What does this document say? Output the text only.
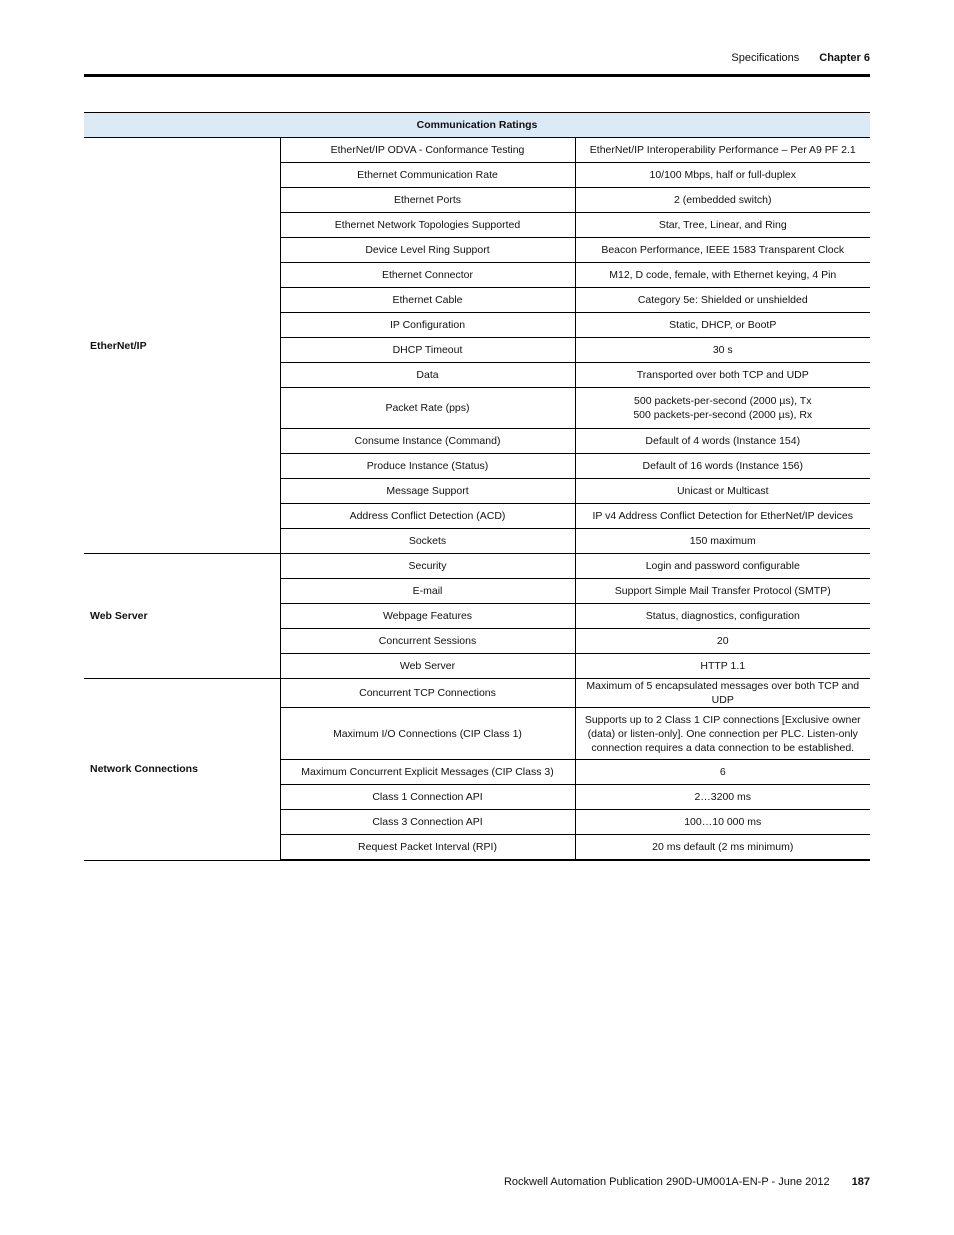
Specifications Chapter 6
Communication Ratings		
EtherNet/IP	EtherNet/IP ODVA - Conformance Testing	EtherNet/IP Interoperability Performance – Per A9 PF 2.1
	Ethernet Communication Rate	10/100 Mbps, half or full-duplex
	Ethernet Ports	2 (embedded switch)
	Ethernet Network Topologies Supported	Star, Tree, Linear, and Ring
	Device Level Ring Support	Beacon Performance, IEEE 1583 Transparent Clock
	Ethernet Connector	M12, D code, female, with Ethernet keying, 4 Pin
	Ethernet Cable	Category 5e: Shielded or unshielded
	IP Configuration	Static, DHCP, or BootP
	DHCP Timeout	30 s
	Data	Transported over both TCP and UDP
	Packet Rate (pps)	500 packets-per-second (2000 µs), Tx
500 packets-per-second (2000 µs), Rx

	Consume Instance (Command)	Default of 4 words (Instance 154)
	Produce Instance (Status)	Default of 16 words (Instance 156)
	Message Support	Unicast or Multicast
	Address Conflict Detection (ACD)	IP v4 Address Conflict Detection for EtherNet/IP devices
	Sockets	150 maximum
Web Server	Security	Login and password configurable
	E-mail	Support Simple Mail Transfer Protocol (SMTP)
	Webpage Features	Status, diagnostics, configuration
	Concurrent Sessions	20
	Web Server	HTTP 1.1
Network Connections	Concurrent TCP Connections	Maximum of 5 encapsulated messages over both TCP and UDP
	Maximum I/O Connections (CIP Class 1)	Supports up to 2 Class 1 CIP connections [Exclusive owner (data) or listen-only]. One connection per PLC. Listen-only connection requires a data connection to be established.
	Maximum Concurrent Explicit Messages (CIP Class 3)	6
	Class 1 Connection API	2…3200 ms
	Class 3 Connection API	100…10 000 ms
	Request Packet Interval (RPI)	20 ms default (2 ms minimum)
Rockwell Automation Publication 290D-UM001A-EN-P - June 2012 187
